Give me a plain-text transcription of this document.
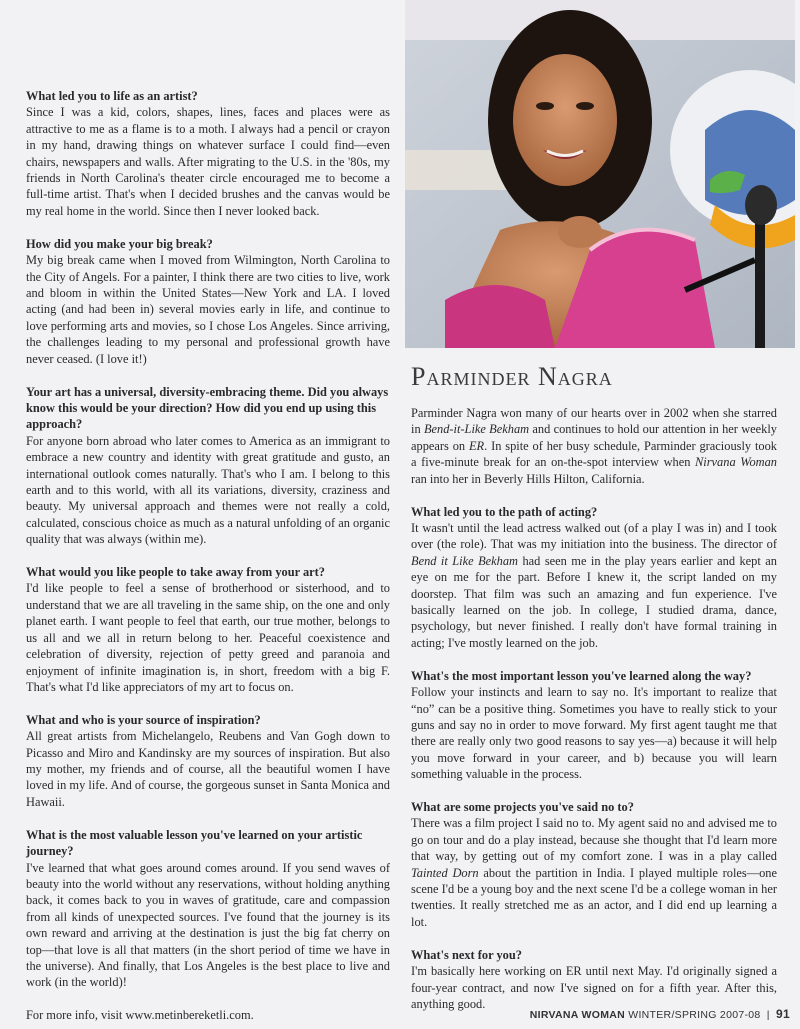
What led you to life as an artist?

Since I was a kid, colors, shapes, lines, faces and places were as attractive to me as a flame is to a moth. I always had a pencil or crayon in my hand, drawing things on whatever surface I could find—even chairs, newspapers and walls. After migrating to the U.S. in the '80s, my friends in North Carolina's theater circle encouraged me to become a full-time artist. That's when I decided brushes and the canvas would be my real home in the world. Since then I never looked back.

How did you make your big break?

My big break came when I moved from Wilmington, North Carolina to the City of Angels. For a painter, I think there are two cities to live, work and bloom in within the United States—New York and LA. I loved acting (and had been in) several movies early in life, and continue to love performing arts and movies, so I chose Los Angeles. Since arriving, the challenges leading to my personal and professional growth have never ceased. (I love it!)

Your art has a universal, diversity-embracing theme. Did you always know this would be your direction? How did you end up using this approach?

For anyone born abroad who later comes to America as an immigrant to embrace a new country and identity with great gratitude and gusto, an international outlook comes naturally. That's who I am. I belong to this earth and to this world, with all its variations, diversity, craziness and beauty. My universal approach and themes were not really a cold, calculated, conscious choice as much as a natural unfolding of an organic quality that was always (within me).

What would you like people to take away from your art?

I'd like people to feel a sense of brotherhood or sisterhood, and to understand that we are all traveling in the same ship, on the one and only planet earth. I want people to feel that earth, our true mother, belongs to us all and we all in return belong to her. Peaceful coexistence and celebration of diversity, rejection of petty greed and paranoia and enjoyment of infinite imagination is, in short, freedom with a big F. That's what I'd like appreciators of my art to focus on.

What and who is your source of inspiration?

All great artists from Michelangelo, Reubens and Van Gogh down to Picasso and Miro and Kandinsky are my sources of inspiration. But also my mother, my friends and of course, all the beautiful women I have loved in my life. And of course, the gorgeous sunset in Santa Monica and Hawaii.

What is the most valuable lesson you've learned on your artistic journey?

I've learned that what goes around comes around. If you send waves of beauty into the world without any reservations, without holding anything back, it comes back to you in waves of gratitude, care and compassion from all kinds of unexpected sources. I've found that the journey is its own reward and arriving at the destination is just the big fat cherry on top—that love is all that matters (in the short period of time we have in the universe). And finally, that Los Angeles is the best place to live and work (in the world)!

For more info, visit www.metinbereketli.com.

Parminder Nagra

Parminder Nagra won many of our hearts over in 2002 when she starred in Bend-it-Like Bekham and continues to hold our attention in her weekly appears on ER. In spite of her busy schedule, Parminder graciously took a five-minute break for an on-the-spot interview when Nirvana Woman ran into her in Beverly Hills Hilton, California.

What led you to the path of acting?

It wasn't until the lead actress walked out (of a play I was in) and I took over (the role). That was my initiation into the business. The director of Bend it Like Bekham had seen me in the play years earlier and kept an eye on me for the part. Before I knew it, the script landed on my doorstep. That film was such an amazing and fun experience. I've basically learned on the job. In college, I studied drama, dance, psychology, but never finished. I really don't have formal training in acting; I've mostly learned on the job.

What's the most important lesson you've learned along the way?

Follow your instincts and learn to say no. It's important to realize that “no” can be a positive thing. Sometimes you have to really stick to your guns and say no in order to move forward. My first agent taught me that there are really only two good reasons to say yes—a) because it will help you move forward in your career, and b) because you will learn something valuable in the process.

What are some projects you've said no to?

There was a film project I said no to. My agent said no and advised me to go on tour and do a play instead, because she thought that I'd learn more that way, by getting out of my comfort zone. I was in a play called Tainted Dorn about the partition in India. I played multiple roles—one scene I'd be a young boy and the next scene I'd be a college woman in her twenties. It really stretched me as an actor, and I did end up learning a lot.

What's next for you?

I'm basically here working on ER until next May. I'd originally signed a four-year contract, and now I've signed on for a fifth year. After this, anything good.

NIRVANA WOMAN WINTER/SPRING 2007-08 | 91
